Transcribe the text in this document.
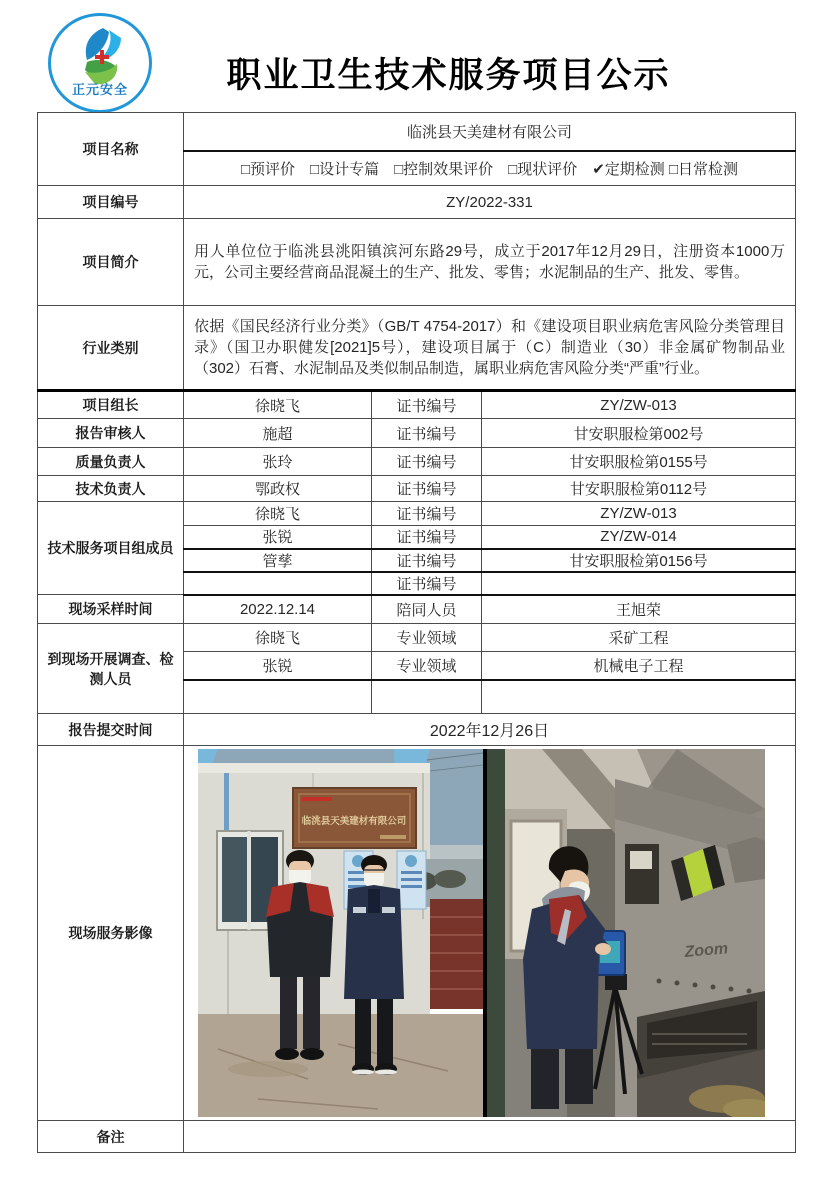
正元安全	职业卫生技术服务项目公示
项目名称	临洮县天美建材有限公司		
	□预评价　□设计专篇　□控制效果评价　□现状评价　✔定期检测 □日常检测		
项目编号	ZY/2022-331		
项目简介	用人单位位于临洮县洮阳镇滨河东路29号，成立于2017年12月29日，注册资本1000万元，公司主要经营商品混凝土的生产、批发、零售；水泥制品的生产、批发、零售。		
行业类别	依据《国民经济行业分类》（GB/T 4754-2017）和《建设项目职业病危害风险分类管理目录》（国卫办职健发[2021]5号），建设项目属于（C）制造业（30）非金属矿物制品业（302）石膏、水泥制品及类似制品制造，属职业病危害风险分类“严重”行业。		
项目组长	徐晓飞	证书编号	ZY/ZW-013
报告审核人	施超	证书编号	甘安职服检第002号
质量负责人	张玲	证书编号	甘安职服检第0155号
技术负责人	鄂政权	证书编号	甘安职服检第0112号
技术服务项目组成员	徐晓飞	证书编号	ZY/ZW-013
	张锐	证书编号	ZY/ZW-014
	管孳	证书编号	甘安职服检第0156号
		证书编号	
现场采样时间	2022.12.14	陪同人员	王旭荣
到现场开展调查、检测人员	徐晓飞	专业领域	采矿工程
	张锐	专业领域	机械电子工程

报告提交时间	2022年12月26日		
现场服务影像	临洮县天美建材有限公司
Zoom		

备注			
